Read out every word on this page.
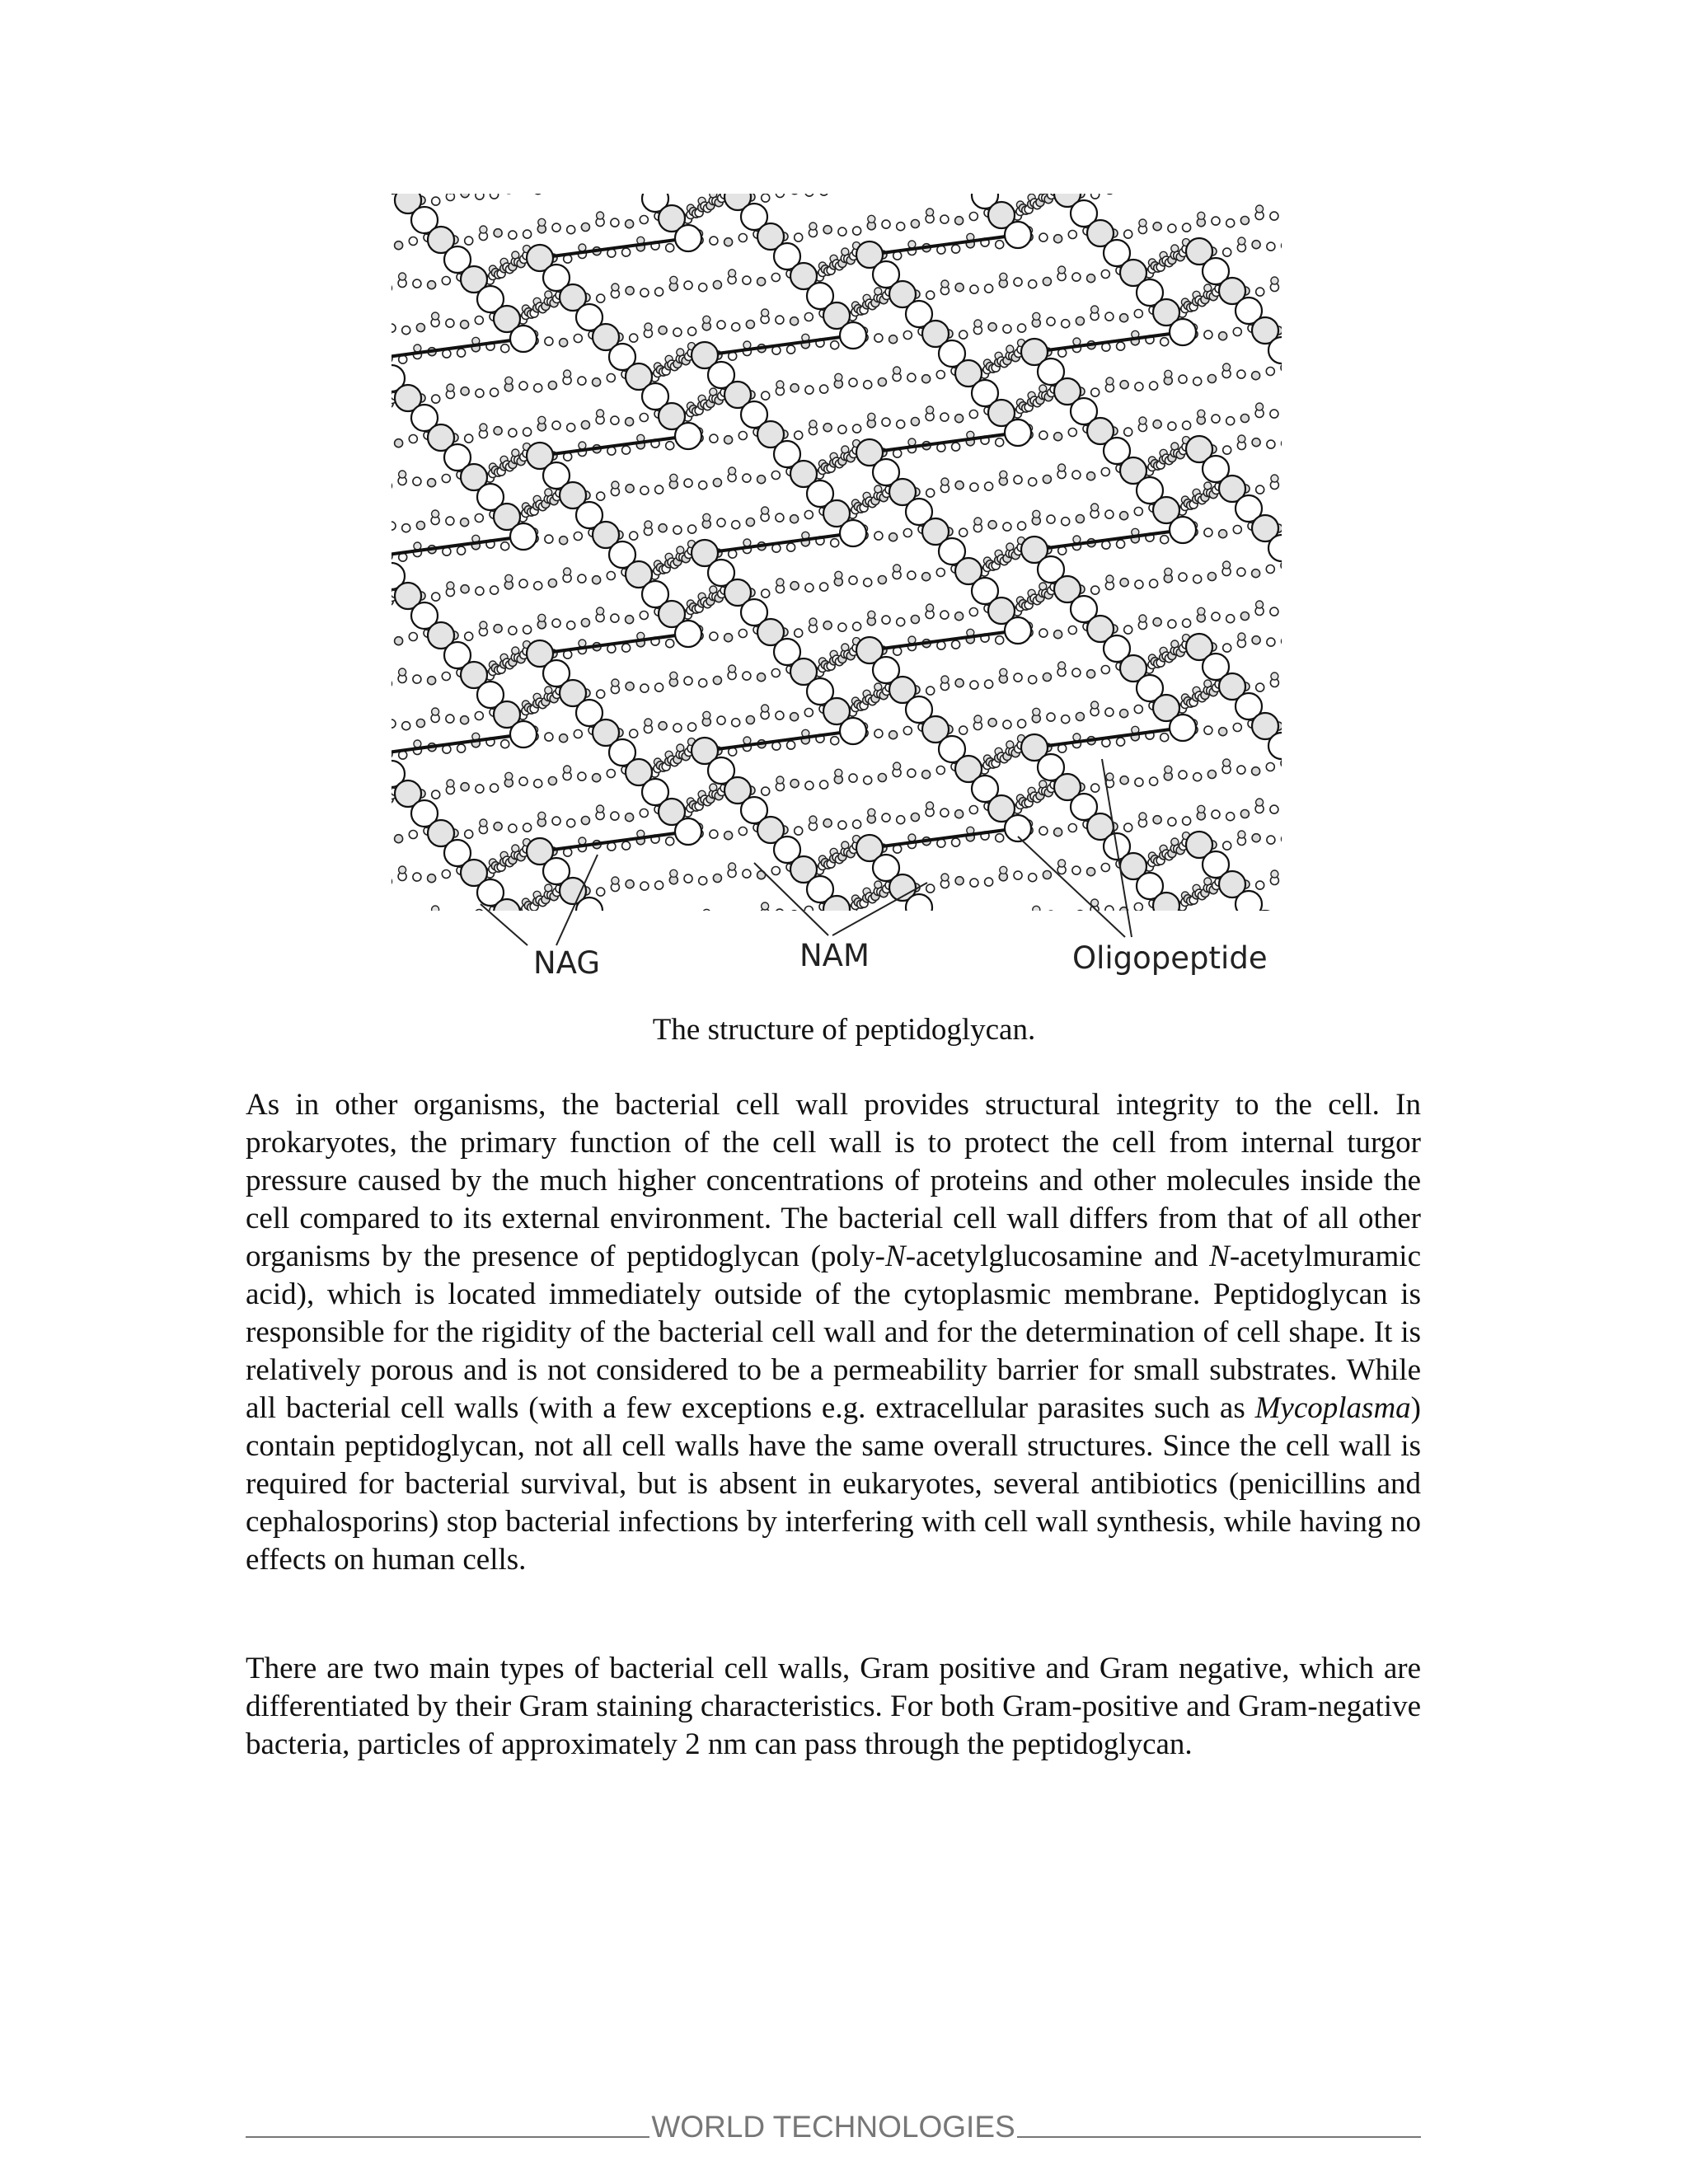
NAG	NAM	Oligopeptide
The structure of peptidoglycan.

As in other organisms, the bacterial cell wall provides structural integrity to the cell. In prokaryotes, the primary function of the cell wall is to protect the cell from internal turgor pressure caused by the much higher concentrations of proteins and other molecules inside the cell compared to its external environment. The bacterial cell wall differs from that of all other organisms by the presence of peptidoglycan (poly-N-acetylglucosamine and N-acetylmuramic acid), which is located immediately outside of the cytoplasmic membrane. Peptidoglycan is responsible for the rigidity of the bacterial cell wall and for the determination of cell shape. It is relatively porous and is not considered to be a permeability barrier for small substrates. While all bacterial cell walls (with a few exceptions e.g. extracellular parasites such as Mycoplasma) contain peptidoglycan, not all cell walls have the same overall structures. Since the cell wall is required for bacterial survival, but is absent in eukaryotes, several antibiotics (penicillins and cephalosporins) stop bacterial infections by interfering with cell wall synthesis, while having no effects on human cells.

There are two main types of bacterial cell walls, Gram positive and Gram negative, which are differentiated by their Gram staining characteristics. For both Gram-positive and Gram-negative bacteria, particles of approximately 2 nm can pass through the peptidoglycan.

WORLD TECHNOLOGIES
